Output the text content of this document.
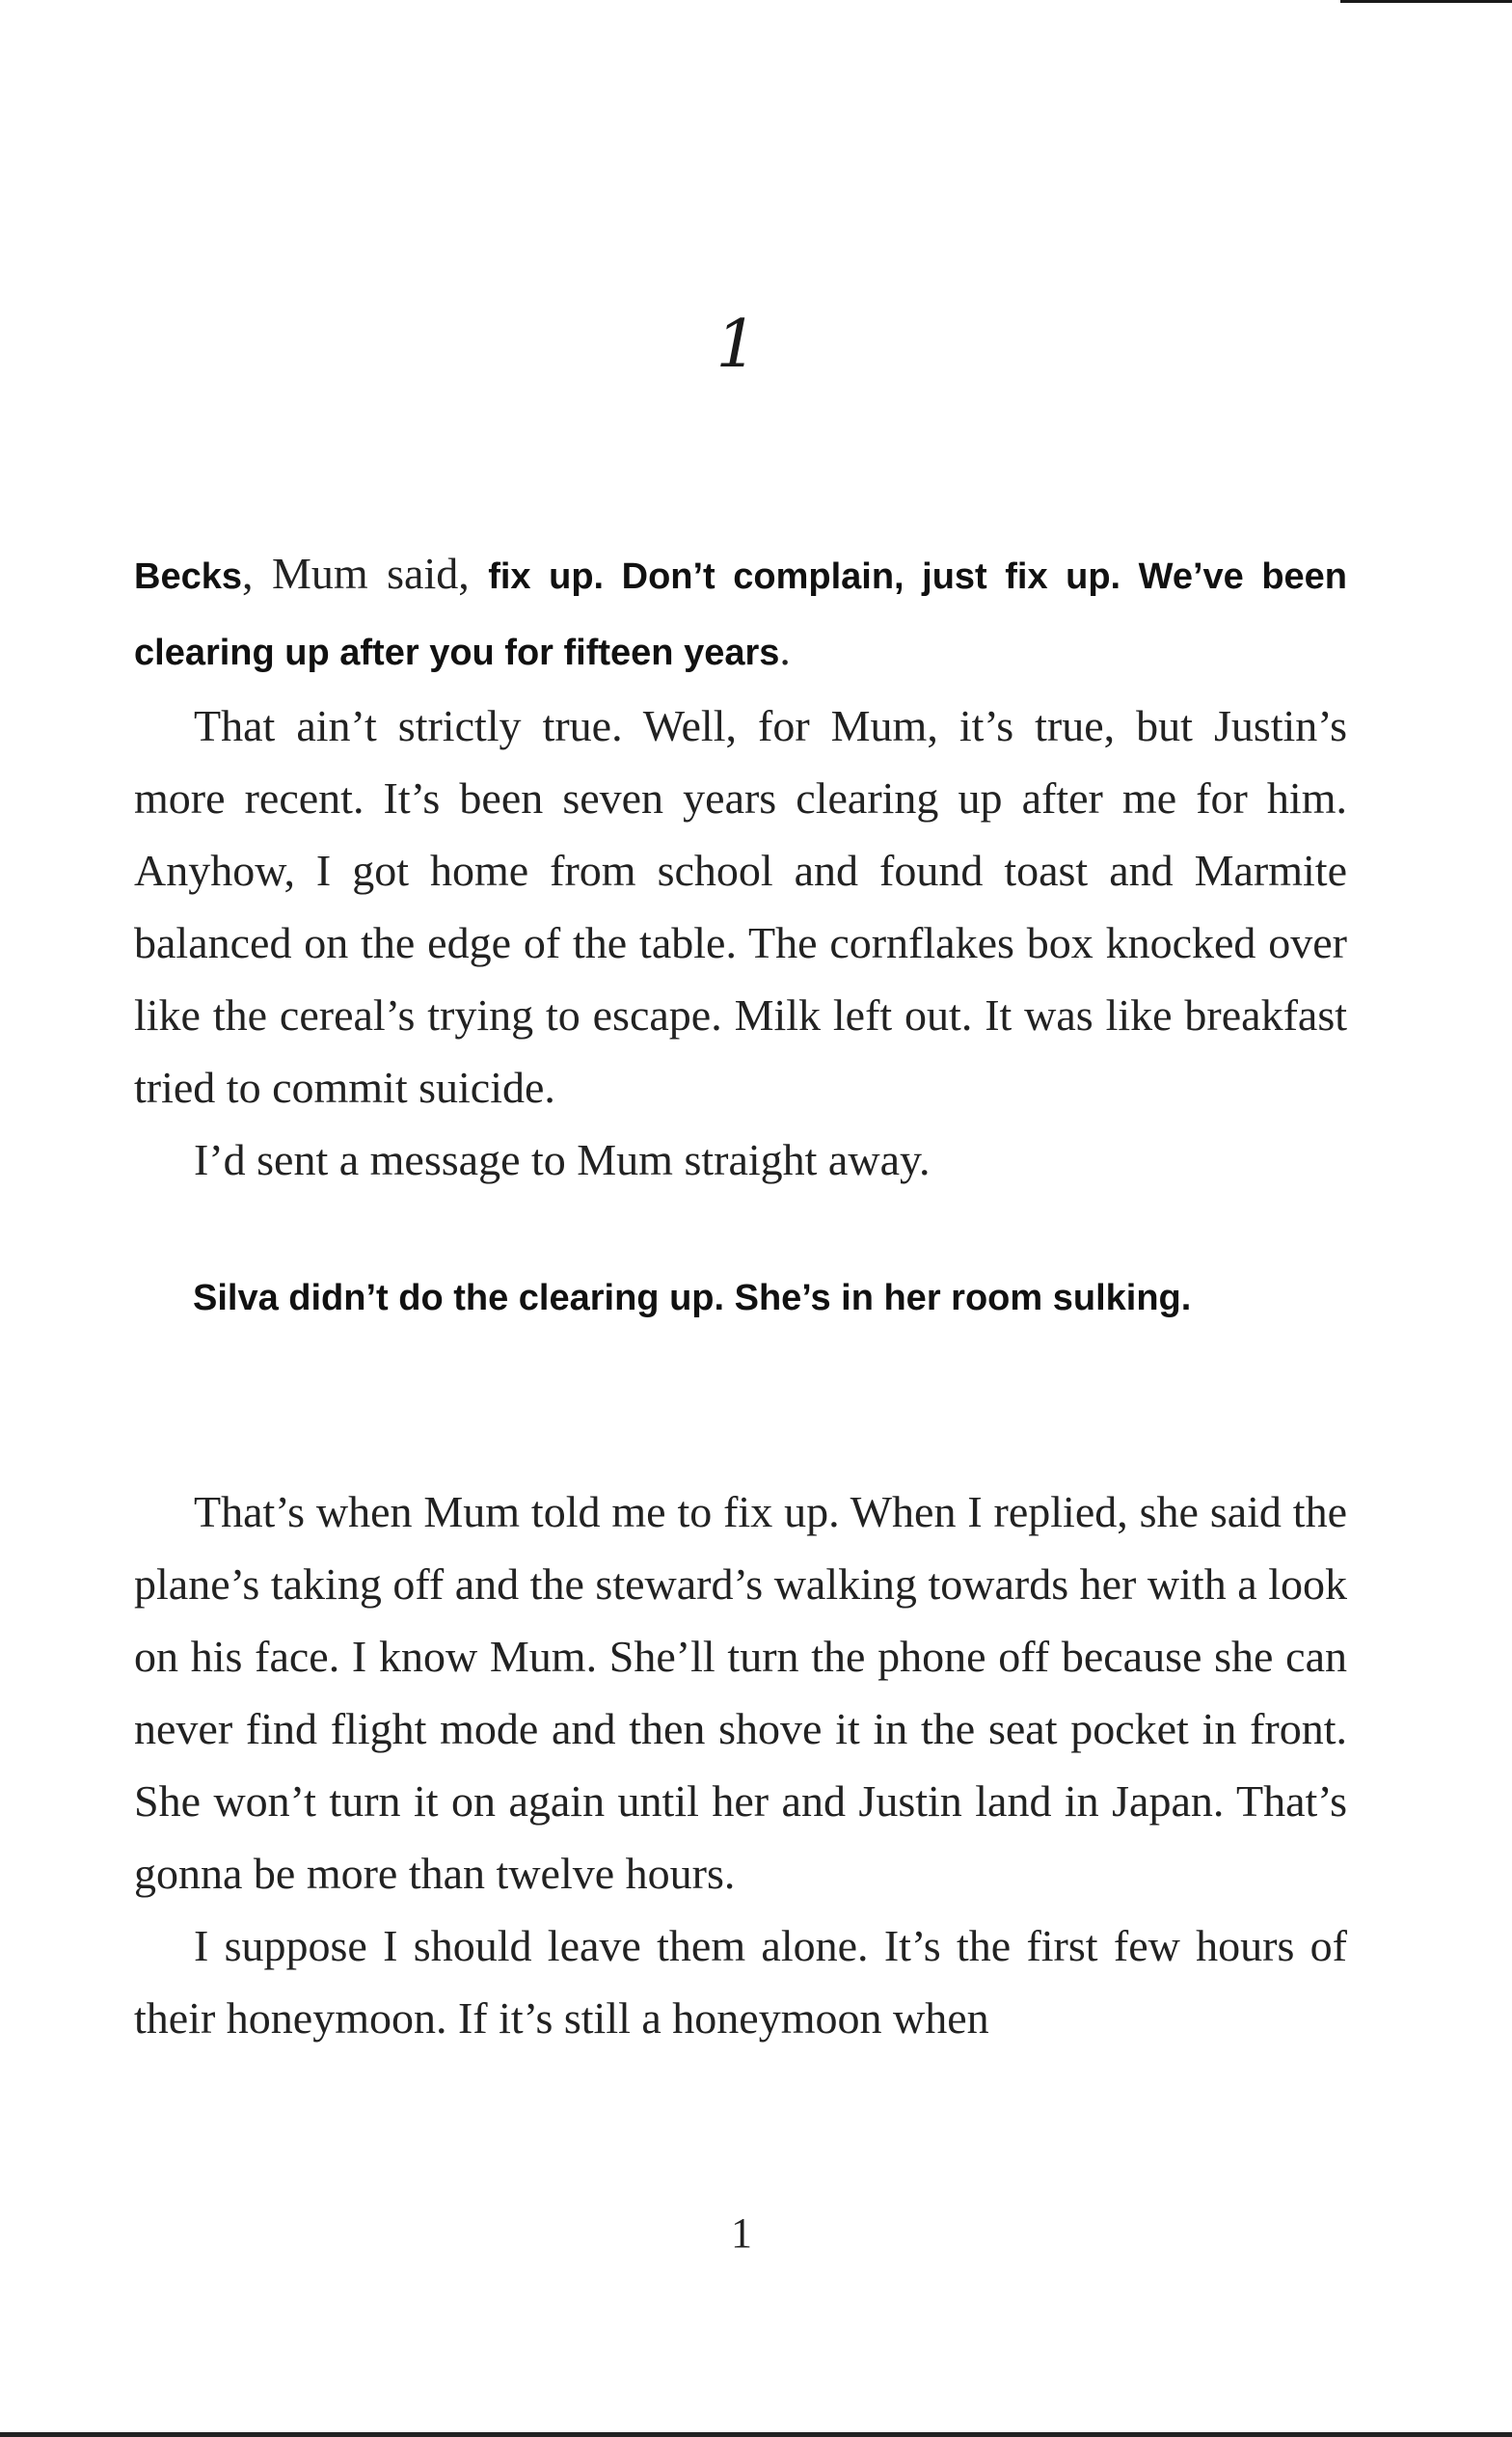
1

Becks, Mum said, fix up. Don’t complain, just fix up. We’ve been clearing up after you for fifteen years.

That ain’t strictly true. Well, for Mum, it’s true, but Justin’s more recent. It’s been seven years clearing up after me for him. Anyhow, I got home from school and found toast and Marmite balanced on the edge of the table. The cornflakes box knocked over like the cereal’s trying to escape. Milk left out. It was like breakfast tried to commit suicide.

I’d sent a message to Mum straight away.

Silva didn’t do the clearing up. She’s in her room sulking.

That’s when Mum told me to fix up. When I replied, she said the plane’s taking off and the steward’s walking towards her with a look on his face. I know Mum. She’ll turn the phone off because she can never find flight mode and then shove it in the seat pocket in front. She won’t turn it on again until her and Justin land in Japan. That’s gonna be more than twelve hours.

I suppose I should leave them alone. It’s the first few hours of their honeymoon. If it’s still a honeymoon when

1
